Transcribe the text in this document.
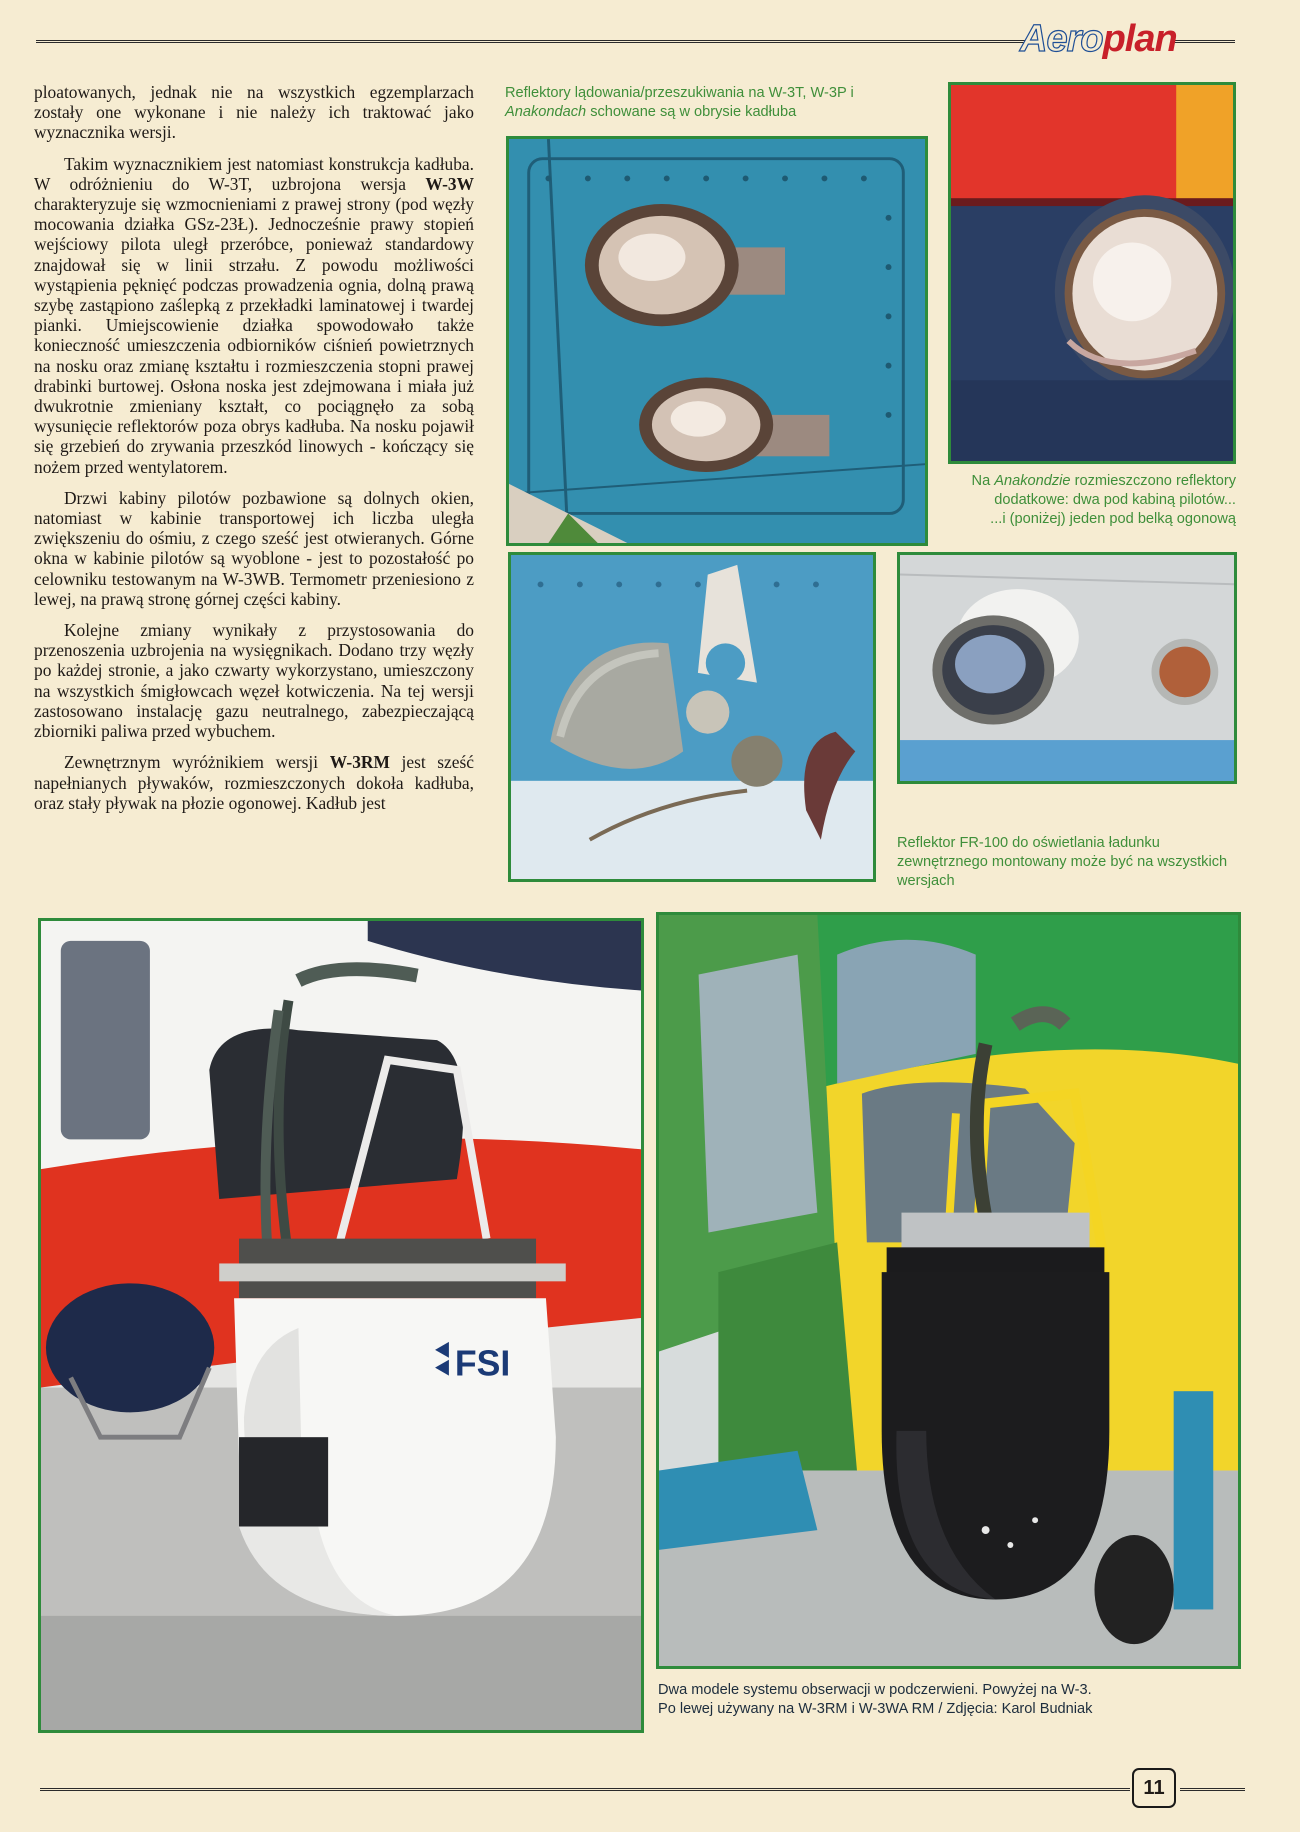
Aeroplan

ploatowanych, jednak nie na wszystkich egzemplarzach zostały one wykonane i nie należy ich traktować jako wyznacznika wersji.

Takim wyznacznikiem jest natomiast konstrukcja kadłuba. W odróżnieniu do W-3T, uzbrojona wersja W-3W charakteryzuje się wzmocnieniami z prawej strony (pod węzły mocowania działka GSz-23Ł). Jednocześnie prawy stopień wejściowy pilota uległ przeróbce, ponieważ standardowy znajdował się w linii strzału. Z powodu możliwości wystąpienia pęknięć podczas prowadzenia ognia, dolną prawą szybę zastąpiono zaślepką z przekładki laminatowej i twardej pianki. Umiejscowienie działka spowodowało także konieczność umieszczenia odbiorników ciśnień powietrznych na nosku oraz zmianę kształtu i rozmieszczenia stopni prawej drabinki burtowej. Osłona noska jest zdejmowana i miała już dwukrotnie zmieniany kształt, co pociągnęło za sobą wysunięcie reflektorów poza obrys kadłuba. Na nosku pojawił się grzebień do zrywania przeszkód linowych - kończący się nożem przed wentylatorem.

Drzwi kabiny pilotów pozbawione są dolnych okien, natomiast w kabinie transportowej ich liczba uległa zwiększeniu do ośmiu, z czego sześć jest otwieranych. Górne okna w kabinie pilotów są wyoblone - jest to pozostałość po celowniku testowanym na W-3WB. Termometr przeniesiono z lewej, na prawą stronę górnej części kabiny.

Kolejne zmiany wynikały z przystosowania do przenoszenia uzbrojenia na wysięgnikach. Dodano trzy węzły po każdej stronie, a jako czwarty wykorzystano, umieszczony na wszystkich śmigłowcach węzeł kotwiczenia. Na tej wersji zastosowano instalację gazu neutralnego, zabezpieczającą zbiorniki paliwa przed wybuchem.

Zewnętrznym wyróżnikiem wersji W-3RM jest sześć napełnianych pływaków, rozmieszczonych dokoła kadłuba, oraz stały pływak na płozie ogonowej. Kadłub jest

Reflektory lądowania/przeszukiwania na W-3T, W-3P i Anakondach schowane są w obrysie kadłuba
Na Anakondzie rozmieszczono reflektory dodatkowe: dwa pod kabiną pilotów...
...i (poniżej) jeden pod belką ogonową
Reflektor FR-100 do oświetlania ładunku zewnętrznego montowany może być na wszystkich wersjach
FSI
Dwa modele systemu obserwacji w podczerwieni. Powyżej na W-3.
Po lewej używany na W-3RM i W-3WA RM / Zdjęcia: Karol Budniak
11
